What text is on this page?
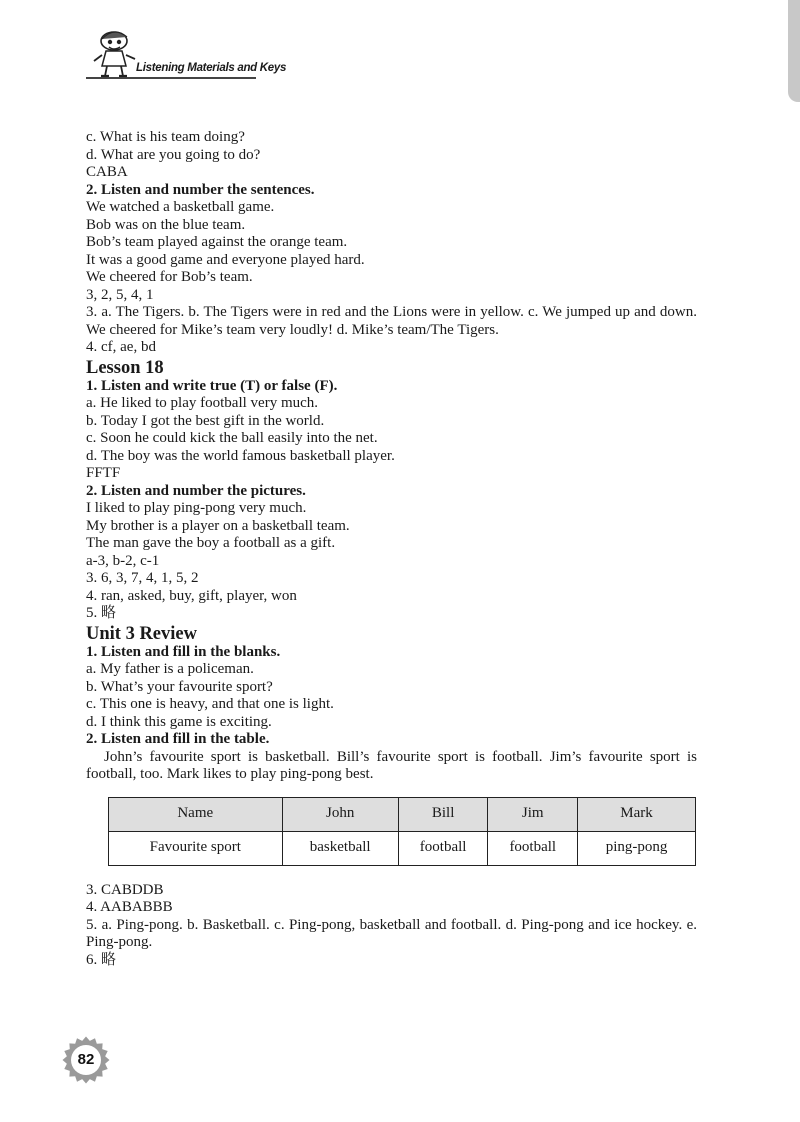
Listening Materials and Keys
c. What is his team doing?
d. What are you going to do?
CABA
2. Listen and number the sentences.
We watched a basketball game.
Bob was on the blue team.
Bob’s team played against the orange team.
It was a good game and everyone played hard.
We cheered for Bob’s team.
3, 2, 5, 4, 1
3. a. The Tigers. b. The Tigers were in red and the Lions were in yellow. c. We jumped up and down. We cheered for Mike’s team very loudly! d. Mike’s team/The Tigers.
4. cf, ae, bd
Lesson 18
1. Listen and write true (T) or false (F).
a. He liked to play football very much.
b. Today I got the best gift in the world.
c. Soon he could kick the ball easily into the net.
d. The boy was the world famous basketball player.
FFTF
2. Listen and number the pictures.
I liked to play ping-pong very much.
My brother is a player on a basketball team.
The man gave the boy a football as a gift.
a-3, b-2, c-1
3. 6, 3, 7, 4, 1, 5, 2
4. ran, asked, buy, gift, player, won
5. 略
Unit 3 Review
1. Listen and fill in the blanks.
a. My father is a policeman.
b. What’s your favourite sport?
c. This one is heavy, and that one is light.
d. I think this game is exciting.
2. Listen and fill in the table.
John’s favourite sport is basketball. Bill’s favourite sport is football. Jim’s favourite sport is football, too. Mark likes to play ping-pong best.
Name	John	Bill	Jim	Mark
Favourite sport	basketball	football	football	ping-pong
3. CABDDB
4. AABABBB
5. a. Ping-pong. b. Basketball. c. Ping-pong, basketball and football. d. Ping-pong and ice hockey. e. Ping-pong.
6. 略
82
